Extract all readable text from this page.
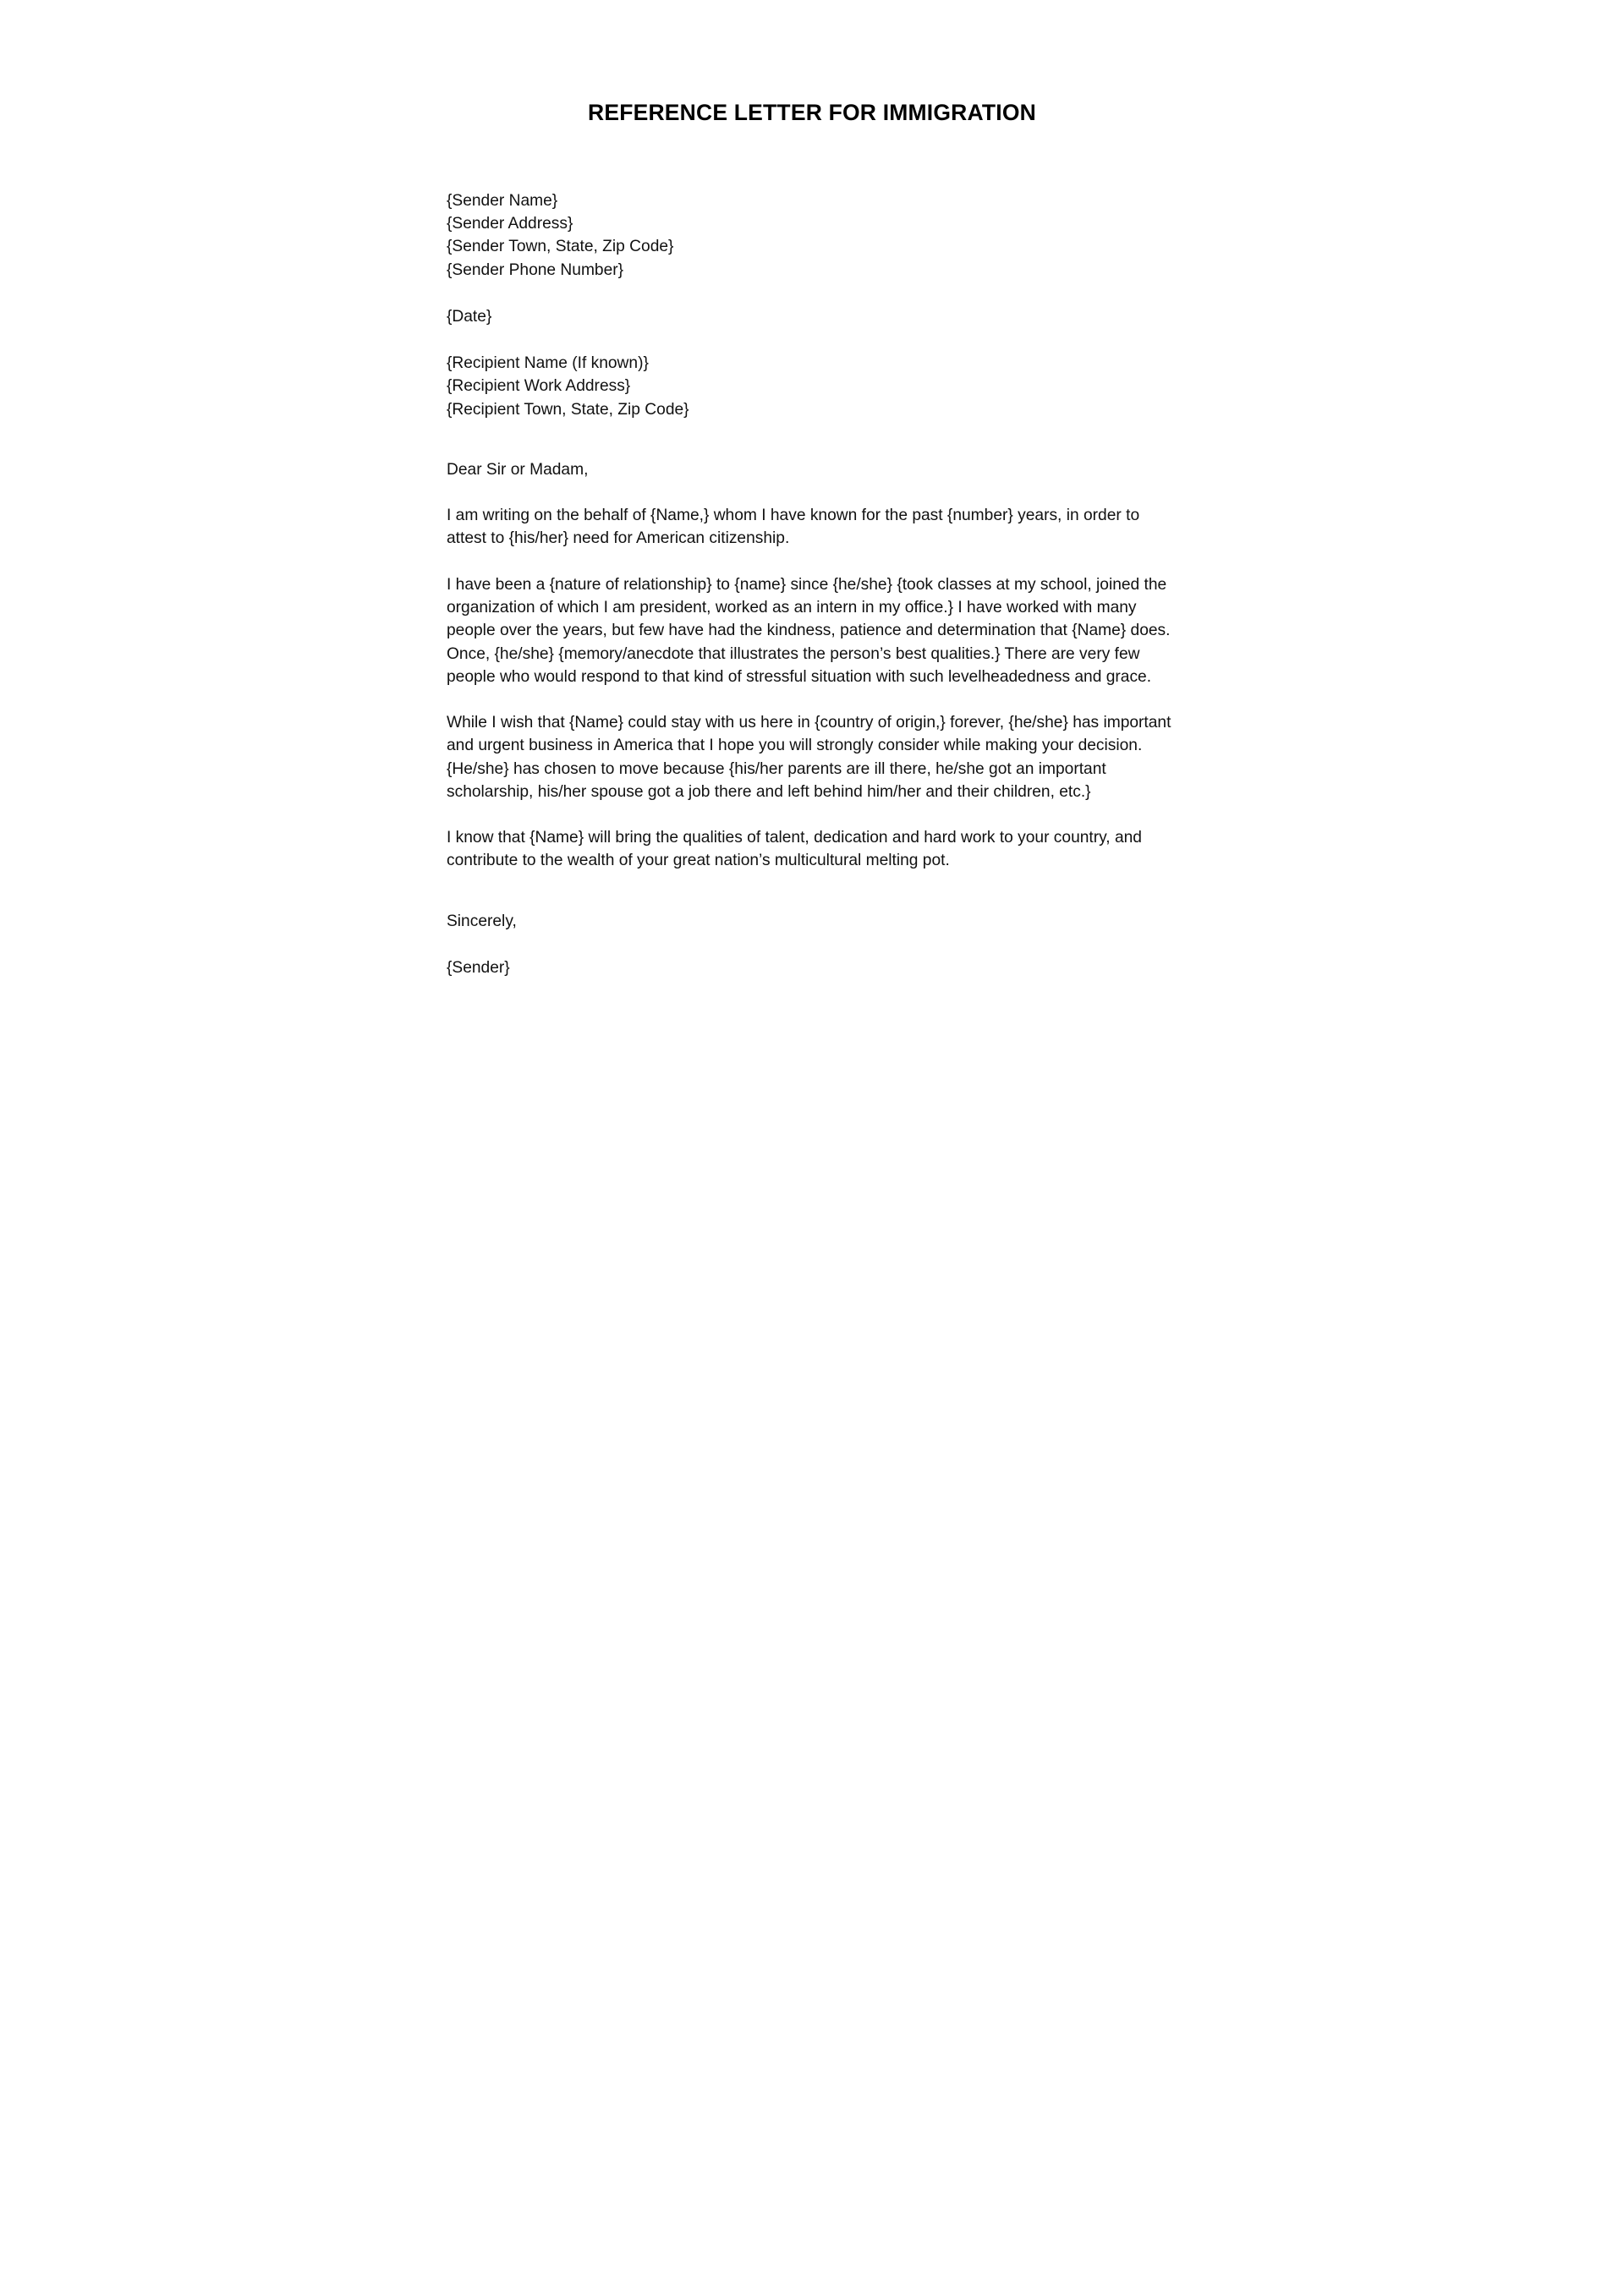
REFERENCE LETTER FOR IMMIGRATION
{Sender Name}
{Sender Address}
{Sender Town, State, Zip Code}
{Sender Phone Number}
{Date}
{Recipient Name (If known)}
{Recipient Work Address}
{Recipient Town, State, Zip Code}
Dear Sir or Madam,

I am writing on the behalf of {Name,} whom I have known for the past {number} years, in order to attest to {his/her} need for American citizenship.

I have been a {nature of relationship} to {name} since {he/she} {took classes at my school, joined the organization of which I am president, worked as an intern in my office.} I have worked with many people over the years, but few have had the kindness, patience and determination that {Name} does. Once, {he/she} {memory/anecdote that illustrates the person’s best qualities.} There are very few people who would respond to that kind of stressful situation with such levelheadedness and grace.

While I wish that {Name} could stay with us here in {country of origin,} forever, {he/she} has important and urgent business in America that I hope you will strongly consider while making your decision. {He/she} has chosen to move because {his/her parents are ill there, he/she got an important scholarship, his/her spouse got a job there and left behind him/her and their children, etc.}

I know that {Name} will bring the qualities of talent, dedication and hard work to your country, and contribute to the wealth of your great nation’s multicultural melting pot.

Sincerely,
{Sender}
